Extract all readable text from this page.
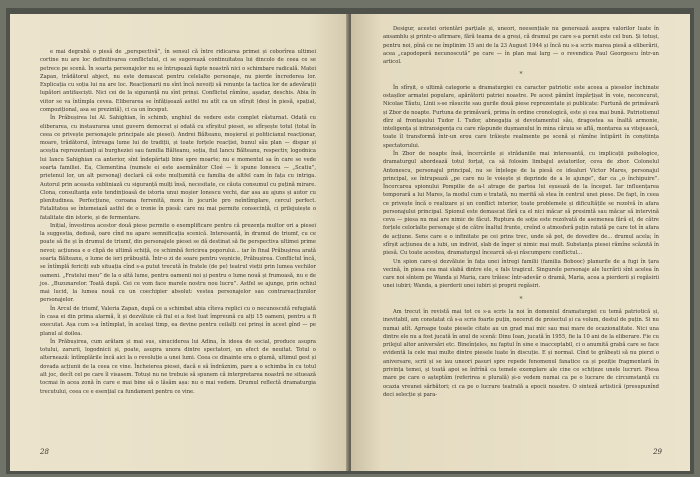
e mai degrabă o piesă de „perspectivă”, în sensul că între ridicarea primei și coborîrea ultimei cortine nu are loc definitivarea conflictului, ci se sugerează continuitatea lui dincolo de ceea ce se petrece pe scenă. În soarta personajelor nu se întrupează fapte noastră nici o schimbare radicală. Matei Zapan, trădătorul abject, nu este demascat pentru celelalte personaje, nu pierde încrederea lor. Explicația cu soția lui nu are loc. Reacționarii nu sînt încă nevoiți să renunțe la tactica lor de adevărații lupători antifasciști. Nici cei de la siguranță nu sînt prinși. Conflictul rămîne, așadar, deschis. Abia în viitor se va întîmpla cevea. Eliberarea se înfățișează astfel nu atît ca un sfîrșit (deși în piesă, spațial, compozițional, asa se prezintă), ci ca un început.

În Prăbușirea lui Al. Sahighian, în schimb, unghiul de vedere este complet răsturnat. Odată cu eliberarea, cu instaurarea unui guvern democrat și odată cu sfîrșitul piesei, se sfîrșește totul (total în ceea ce privește personajele principale ale piesei). Andrei Bălteanu, moșierul și politicianul reacționar, moare, trădătorul, întreaga lume lui de tradiții, și toate forțele reacției, bunul său plan — dispar și aceștia reprezentanți ai burgheziei sau familia Bălteanu, soția, fiul Iancu Bălteanu, respectiv, logodnica lui Iancu Sahighian ca anterior, sînt îndepărtați bine spre moarte; nu e momentul sa în care se vede soarta familiei. Ea, Clementina (numele ei este asemănător Cloé — îi spune Ionescu — „Scatiu”, prietenul lor, un alt personaj) declară că este mulțumită cu familia de altfel cam în fața cu intriga. Autorul prin aceasta subliniază cu siguranță mulți însă, necesitate, ce căuta consumul cu puțină mirare. Clona, consultanța este tendințioasă de istoria unui moșier Ionescu vechi, dar asa au ajuns și autor cu plenitudinea. Perfecțiune, coroana ferrenită, mora în jocurile pro neîntîmplare, cercul perfect. Fatalitatea se întemeiază astfel de o ironie în piesă: care nu mai permite consecință, ci prilejuiește o fatalitate din istorie, și de fermentare.

Inițial, învestirea acestor două piese permite o exemplificare pentru că prezența multor ori a piesei la suggestia, dedusă, oare cînd nu apare semnificația scenică. Interesantă, în drumul de triumf, cu ce poate să fie și în drumul de triumf, din personajele piesei se dă destinat să fie perspectiva ultimei prime nevoi; acțiunea e o clipă de ultimă schiță, ce schimbă fericirea poporului... iar în final Prăbușirea arată soarta Bălteanu, o lume de ieri prăbușită. Într-o zi de soare pentru veșnicie, Prăbușirea. Conflictul încă, se întîmplă fericiți sub situația cînd s-a putut trecută în fratele (de pe) teatrul vieții prin lumea vechilor oameni. „Fratelui meu” de la o altă lume, pentru oamenii noi și pentru o lume nouă și frumoasă, nu e de jos. „Buzunarelor. Toată după. Cei ce vom face marele nostru nou lucru”. Astfel se ajunge, prin ochiul mai lucid, la lumea nouă cu un coechipier absolut: vestea personajelor sau contrareacțiunilor personajelor.

În Arcul de triumf, Valeria Zapan, după ce a schimbat abia cîteva replici cu o necunoscută refugiată în casa ei din prima alarmă, îi și dezvăluie că fiul ei a fost luat împreună cu alți 15 oameni, pentru a fi executat. Așa cum s-a întîmplat, în același timp, ea devine pentru ceilalți cei prinși în acest gînd — pe planul al doilea.

În Prăbușirea, cum arătam și mai sus, sinuciderea lui Adina, în ideea de social, produce asupra totului, zarurii, logodnicii și, poate, asupra unora dintre spectatori, un efect de neuitat. Totul o alternează: întîmplările încă aici la o revoluție a unei lumi. Ceea ce dinainte era o glumă, ultimul gest și dovada acțiunii de la ceea ce vine. Încheierea piesei, dacă e să îndrăznim, pare a o schimba în cu totul alt joc, decît cel pe care îl visasem. Totuși nu ne trebuie să spunem că interpretarea noastră ne situează tocmai în acea zonă în care e mai bine să o lăsăm așa: nu o mai vedem. Drumul reflectă dramaturgia trecutului, ceea ce e esențial ca fundament pentru ce vine.

28

Desigur, acestei orientări parțiale și, uneori, neesențiale nu generează asupra valorilor luate în ansamblu și printr-o afirmare, fără teama de a greși, că dramul pe care s-a pornit este cel bun. Și totuși, pentru noi, pînă ce ne împlinim 15 ani de la 23 August 1944 și încă nu s-a scris marea piesă a eliberării, acea „capodoperă necunoscută” pe care — în plan mai larg — o revendica Paul Georgescu într-un articol.

*

În sfîrșit, o ultimă categorie a dramaturgiei cu caracter patriotic este aceea a pieselor închinate ostașilor armatei populare, apărătorii patriei noastre. Pe acest pămînt împărțișat în voie, neconcurat, Nicolae Tăutu, Linii s-se răsucite sau gurile două piese reprezentate și publicate: Furtună de primăvară și Zbor de noapte. Furtuna de primăvară, prima în ordine cronologică, este și cea mai bună. Patriotismul dîrz al frontașului Tudor I. Tudor, abnegația și devotamentul său, dragostea sa înaltă armonie, inteligența și intransigența cu care răspunde dușmanului în mina căruia se află, montarea sa vitejească, toate îl transformă într-un erou care trăiește realmente pe scenă și rămîne întipărit în conștiința spectatorului.

În Zbor de noapte însă, încercările și strădaniile mai interesantă, cu implicații psihologice, dramaturgul abordează totul forțat, ca să folosim limbajul aviatorilor, ceva de zbor. Colonelul Antonescu, personajul principal, nu se înțelege de la piesă ce idealuri Victor Mares, personajul principal, se întrupează „pe care nu le voiește și deprinde de a le ajunge”, dar ca „o închipuire”. Încercarea spionului Pompilie de a-l atrage de partea lui eșuează de la început. Iar influențarea temporară a lui Mares, la modul cum e tratată, nu merită să stea în centrul unei piese. De fapt, în ceea ce privește încă o realizare și un conflict interior, toate problemele și dificultățile se rezolvă în afara personajului principal. Spionul este demascat fără ca el nici măcar să presimtă sau măcar să intervină ceva — piesa nu mai are nimic de făcut. Ruptura de soție este rezolvată de asemenea fără el, de către forțele celorlalte personaje și de către înaltul frunte, creînd o atmosferă puțin ratată pe care tot în afara de acțiune. Sens care e o infinitate pe cei prins trec, unde să pot, de dovedire de... drumul acela; în sfîrșit acțiunea de a iubi, un individ, slab de înger și nimic mai mult. Substanța piesei rămîne scăzută în piesă. Cu toate acestea, dramaturgul încearcă să-și răscumpere conflictul...

Un spion care-și dezvăluie în fața unei întregi familii (familia Bobooc) planurile de a fugi în țara vecină, în piesa cea mai slabă dintre ele, e fals tragicul. Singurele personaje ale lucrării sînt acelea în care noi sîntem pe Wanda și Maria, care trăiesc într-adevăr o dramă, Maria, acea a pierderii și regăsirii unei iubiri; Wanda, a pierderii unei iubiri și proprii regăsiri.

*

Am trecut în revistă mai tot ce s-a scris la noi în domeniul dramaturgiei cu temă patriotică și, inevitabil, am constatat că s-a scris foarte puțin, necerut de proiectul și ca volum, destul de puțin. Si nu numai atît. Aproape toate piesele citate au un grad mai mic sau mai mare de ocazionalitate. Nici una dintre ele nu a fost jucată în anul de scenă: Dinu Ioan, jucată în 1955, fie la 10 ani de la eliberare. Fie cu prilejul altor aniversări etc. Bineînțeles, nu faptul în sine e inacceptabil, ci o anumită grabă care se face evidentă la cele mai multe dintre piesele luate în discuție. E și normal. Cînd te grăbești să nu pierzi o aniversare, scrii și se iau uneori pasuri spre repede fenomenul fanatice ca și poziție fragmentară în privința temei, și toată apoi se înfrînă ca temele exemplare ale cine ce schițeze unele lucruri. Piesa mare pe care o așteptăm (referirea e plurală) și-o vedem numai ca pe o lucrare de circumstanță cu ocazia vreunei sărbători; ci ca pe o lucrare teatrală a epocii noastre. O sinteză artistică (presupunînd deci selecție și para-

29
